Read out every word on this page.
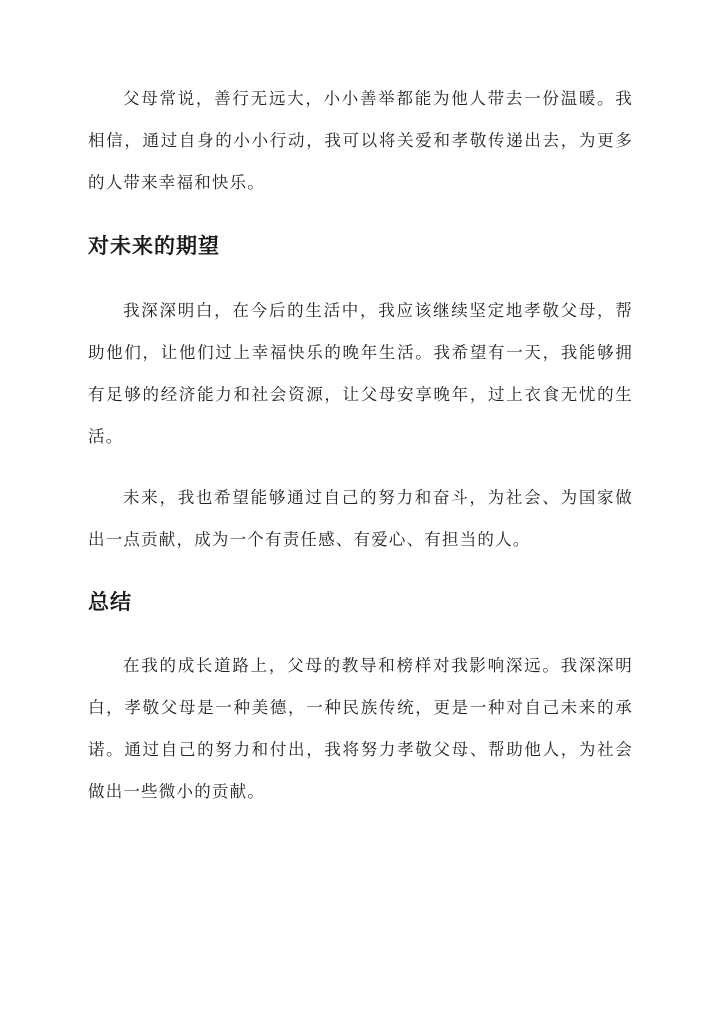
父母常说，善行无远大，小小善举都能为他人带去一份温暖。我相信，通过自身的小小行动，我可以将关爱和孝敬传递出去，为更多的人带来幸福和快乐。

对未来的期望

我深深明白，在今后的生活中，我应该继续坚定地孝敬父母，帮助他们，让他们过上幸福快乐的晚年生活。我希望有一天，我能够拥有足够的经济能力和社会资源，让父母安享晚年，过上衣食无忧的生活。

未来，我也希望能够通过自己的努力和奋斗，为社会、为国家做出一点贡献，成为一个有责任感、有爱心、有担当的人。

总结

在我的成长道路上，父母的教导和榜样对我影响深远。我深深明白，孝敬父母是一种美德，一种民族传统，更是一种对自己未来的承诺。通过自己的努力和付出，我将努力孝敬父母、帮助他人，为社会做出一些微小的贡献。
